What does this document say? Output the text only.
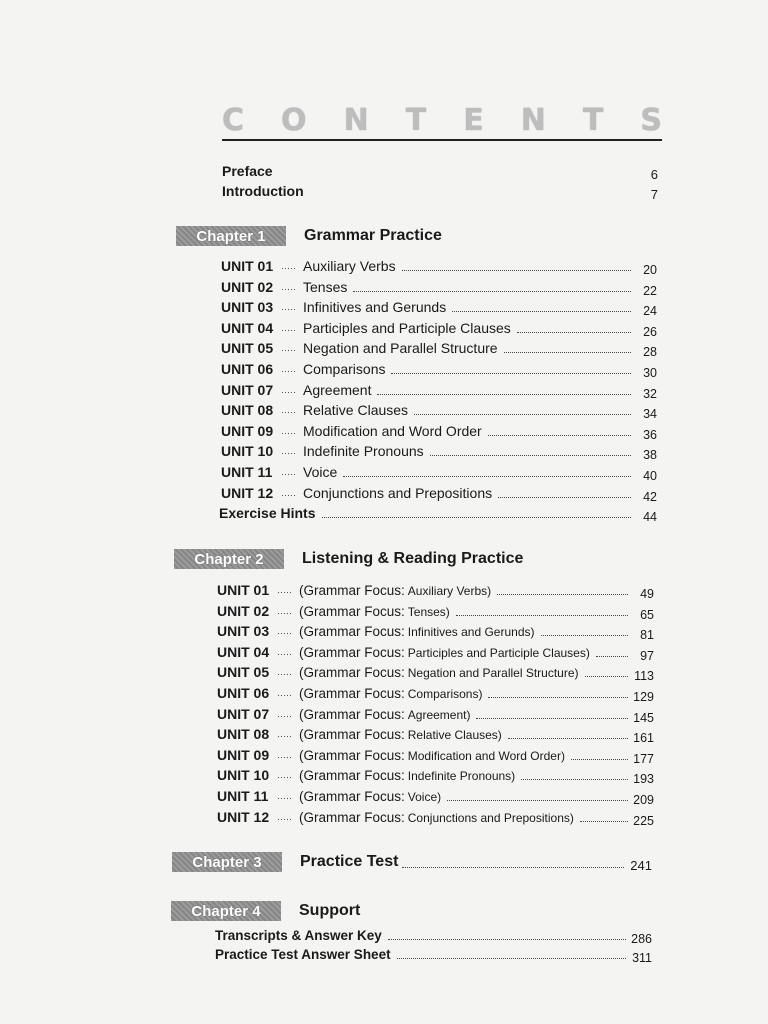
C O N T E N T S
Preface	6
Introduction	7
Chapter 1	Grammar Practice
UNIT 01 ····· Auxiliary Verbs	20
UNIT 02 ····· Tenses	22
UNIT 03 ····· Infinitives and Gerunds	24
UNIT 04 ····· Participles and Participle Clauses	26
UNIT 05 ····· Negation and Parallel Structure	28
UNIT 06 ····· Comparisons	30
UNIT 07 ····· Agreement	32
UNIT 08 ····· Relative Clauses	34
UNIT 09 ····· Modification and Word Order	36
UNIT 10 ····· Indefinite Pronouns	38
UNIT 11 ····· Voice	40
UNIT 12 ····· Conjunctions and Prepositions	42
Exercise Hints	44
Chapter 2	Listening & Reading Practice
UNIT 01 ····· (Grammar Focus: Auxiliary Verbs)	49
UNIT 02 ····· (Grammar Focus: Tenses)	65
UNIT 03 ····· (Grammar Focus: Infinitives and Gerunds)	81
UNIT 04 ····· (Grammar Focus: Participles and Participle Clauses)	97
UNIT 05 ····· (Grammar Focus: Negation and Parallel Structure)	113
UNIT 06 ····· (Grammar Focus: Comparisons)	129
UNIT 07 ····· (Grammar Focus: Agreement)	145
UNIT 08 ····· (Grammar Focus: Relative Clauses)	161
UNIT 09 ····· (Grammar Focus: Modification and Word Order)	177
UNIT 10 ····· (Grammar Focus: Indefinite Pronouns)	193
UNIT 11 ····· (Grammar Focus: Voice)	209
UNIT 12 ····· (Grammar Focus: Conjunctions and Prepositions)	225
Chapter 3	Practice Test	241
Chapter 4	Support
Transcripts & Answer Key	286
Practice Test Answer Sheet	311
